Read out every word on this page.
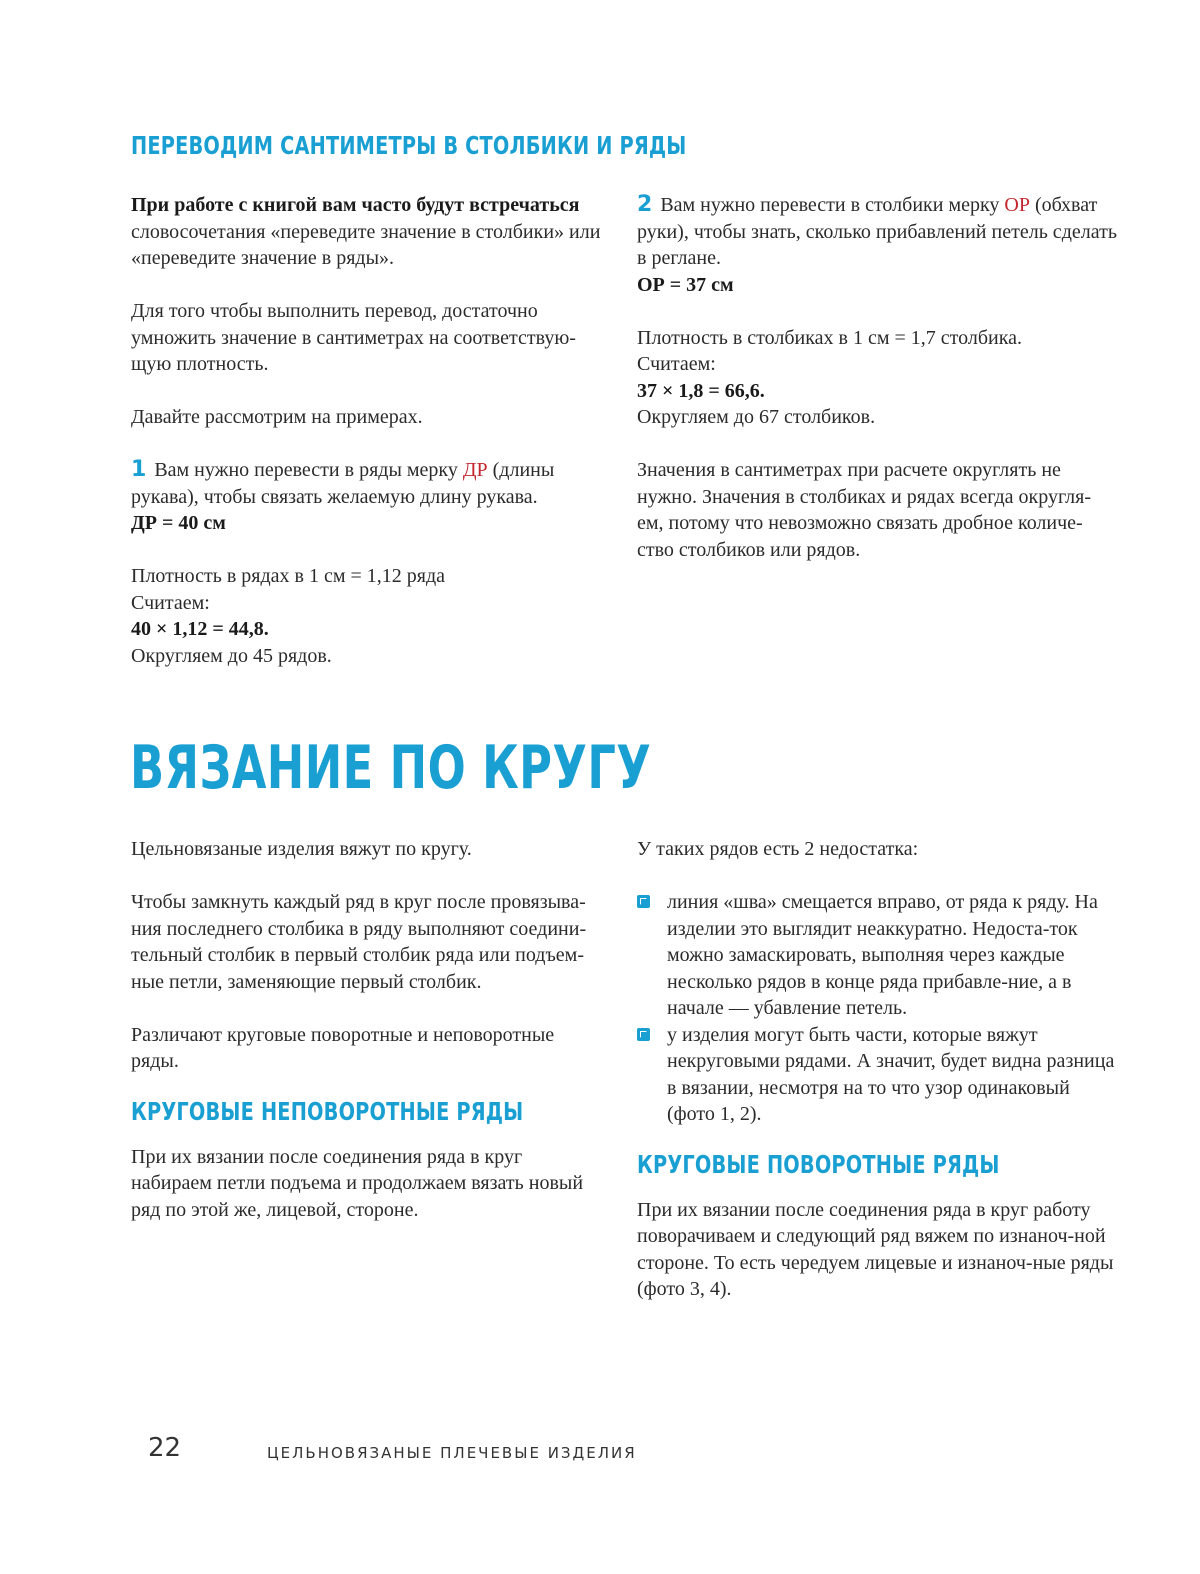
ПЕРЕВОДИМ САНТИМЕТРЫ В СТОЛБИКИ И РЯДЫ

При работе с книгой вам часто будут встречаться словосочетания «переведите значение в столбики» или «переведите значение в ряды».

Для того чтобы выполнить перевод, достаточно умножить значение в сантиметрах на соответствую-щую плотность.

Давайте рассмотрим на примерах.

1 Вам нужно перевести в ряды мерку ДР (длины рукава), чтобы связать желаемую длину рукава.

ДР = 40 см

Плотность в рядах в 1 см = 1,12 ряда

Считаем:

40 × 1,12 = 44,8.

Округляем до 45 рядов.

2 Вам нужно перевести в столбики мерку ОР (обхват руки), чтобы знать, сколько прибавлений петель сделать в реглане.

ОР = 37 см

Плотность в столбиках в 1 см = 1,7 столбика.

Считаем:

37 × 1,8 = 66,6.

Округляем до 67 столбиков.

Значения в сантиметрах при расчете округлять не нужно. Значения в столбиках и рядах всегда округля-ем, потому что невозможно связать дробное количе-ство столбиков или рядов.

ВЯЗАНИЕ ПО КРУГУ

Цельновязаные изделия вяжут по кругу.

Чтобы замкнуть каждый ряд в круг после провязыва-ния последнего столбика в ряду выполняют соедини-тельный столбик в первый столбик ряда или подъем-ные петли, заменяющие первый столбик.

Различают круговые поворотные и неповоротные ряды.

КРУГОВЫЕ НЕПОВОРОТНЫЕ РЯДЫ

При их вязании после соединения ряда в круг набираем петли подъема и продолжаем вязать новый ряд по этой же, лицевой, стороне.

У таких рядов есть 2 недостатка:

линия «шва» смещается вправо, от ряда к ряду. На изделии это выглядит неаккуратно. Недоста-ток можно замаскировать, выполняя через каждые несколько рядов в конце ряда прибавле-ние, а в начале — убавление петель.
у изделия могут быть части, которые вяжут некруговыми рядами. А значит, будет видна разница в вязании, несмотря на то что узор одинаковый (фото 1, 2).
КРУГОВЫЕ ПОВОРОТНЫЕ РЯДЫ

При их вязании после соединения ряда в круг работу поворачиваем и следующий ряд вяжем по изнаноч-ной стороне. То есть чередуем лицевые и изнаноч-ные ряды (фото 3, 4).

22	ЦЕЛЬНОВЯЗАНЫЕ ПЛЕЧЕВЫЕ ИЗДЕЛИЯ
